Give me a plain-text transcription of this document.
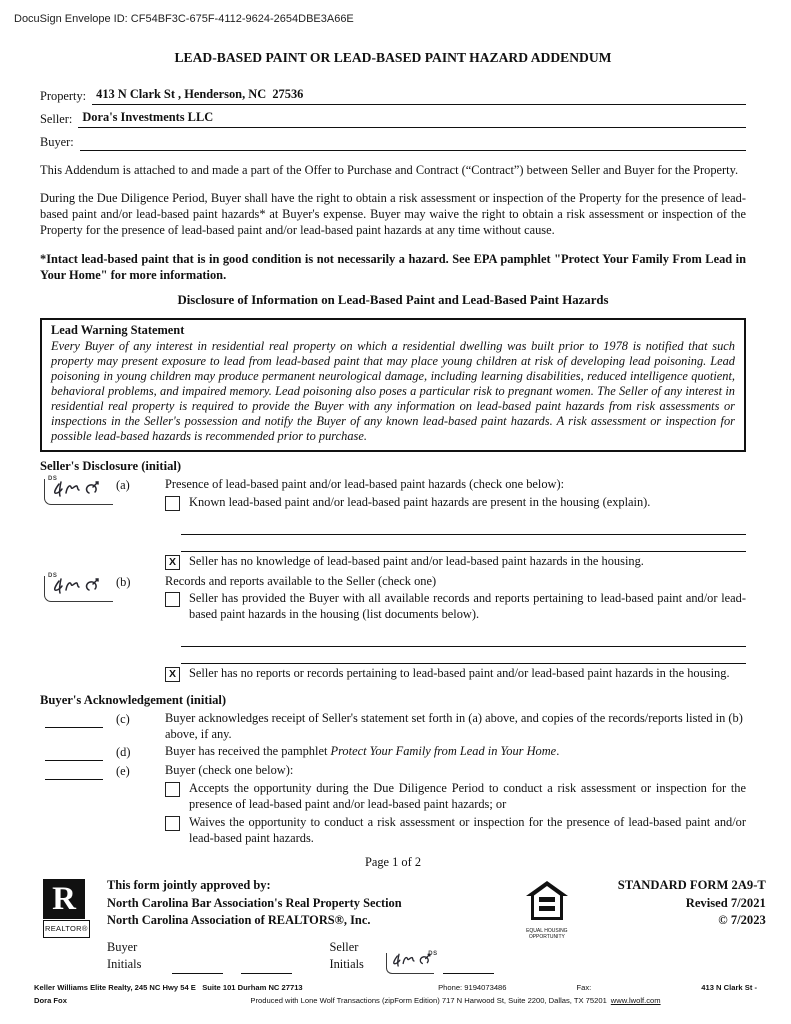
DocuSign Envelope ID: CF54BF3C-675F-4112-9624-2654DBE3A66E
LEAD-BASED PAINT OR LEAD-BASED PAINT HAZARD ADDENDUM
Property: 413 N Clark St , Henderson, NC  27536
Seller: Dora's Investments LLC
Buyer:
This Addendum is attached to and made a part of the Offer to Purchase and Contract (“Contract”) between Seller and Buyer for the Property.
During the Due Diligence Period, Buyer shall have the right to obtain a risk assessment or inspection of the Property for the presence of lead-based paint and/or lead-based paint hazards* at Buyer's expense. Buyer may waive the right to obtain a risk assessment or inspection of the Property for the presence of lead-based paint and/or lead-based paint hazards at any time without cause.
*Intact lead-based paint that is in good condition is not necessarily a hazard. See EPA pamphlet "Protect Your Family From Lead in Your Home" for more information.
Disclosure of Information on Lead-Based Paint and Lead-Based Paint Hazards
Lead Warning Statement
Every Buyer of any interest in residential real property on which a residential dwelling was built prior to 1978 is notified that such property may present exposure to lead from lead-based paint that may place young children at risk of developing lead poisoning. Lead poisoning in young children may produce permanent neurological damage, including learning disabilities, reduced intelligence quotient, behavioral problems, and impaired memory. Lead poisoning also poses a particular risk to pregnant women. The Seller of any interest in residential real property is required to provide the Buyer with any information on lead-based paint hazards from risk assessments or inspections in the Seller's possession and notify the Buyer of any known lead-based paint hazards. A risk assessment or inspection for possible lead-based hazards is recommended prior to purchase.
Seller's Disclosure (initial)
DS	(a)	Presence of lead-based paint and/or lead-based paint hazards (check one below):
Known lead-based paint and/or lead-based paint hazards are present in the housing (explain).
X	Seller has no knowledge of lead-based paint and/or lead-based paint hazards in the housing.
DS	(b)	Records and reports available to the Seller (check one)
Seller has provided the Buyer with all available records and reports pertaining to lead-based paint and/or lead-based paint hazards in the housing (list documents below).
X	Seller has no reports or records pertaining to lead-based paint and/or lead-based paint hazards in the housing.
Buyer's Acknowledgement (initial)
(c)	Buyer acknowledges receipt of Seller's statement set forth in (a) above, and copies of the records/reports listed in (b) above, if any.
(d)	Buyer has received the pamphlet Protect Your Family from Lead in Your Home.
(e)	Buyer (check one below):
Accepts the opportunity during the Due Diligence Period to conduct a risk assessment or inspection for the presence of lead-based paint and/or lead-based paint hazards; or
Waives the opportunity to conduct a risk assessment or inspection for the presence of lead-based paint and/or lead-based paint hazards.
Page 1 of 2
R
REALTOR®
This form jointly approved by:
North Carolina Bar Association's Real Property Section
North Carolina Association of REALTORS®, Inc.
Buyer Initials
Seller Initials
DS
EQUAL HOUSING
OPPORTUNITY
STANDARD FORM 2A9-T
Revised 7/2021
© 7/2023
Keller Williams Elite Realty, 245 NC Hwy 54 E   Suite 101 Durham NC 27713	Phone: 9194073486	Fax:	413 N Clark St -
Dora Fox	Produced with Lone Wolf Transactions (zipForm Edition) 717 N Harwood St, Suite 2200, Dallas, TX 75201 www.lwolf.com
